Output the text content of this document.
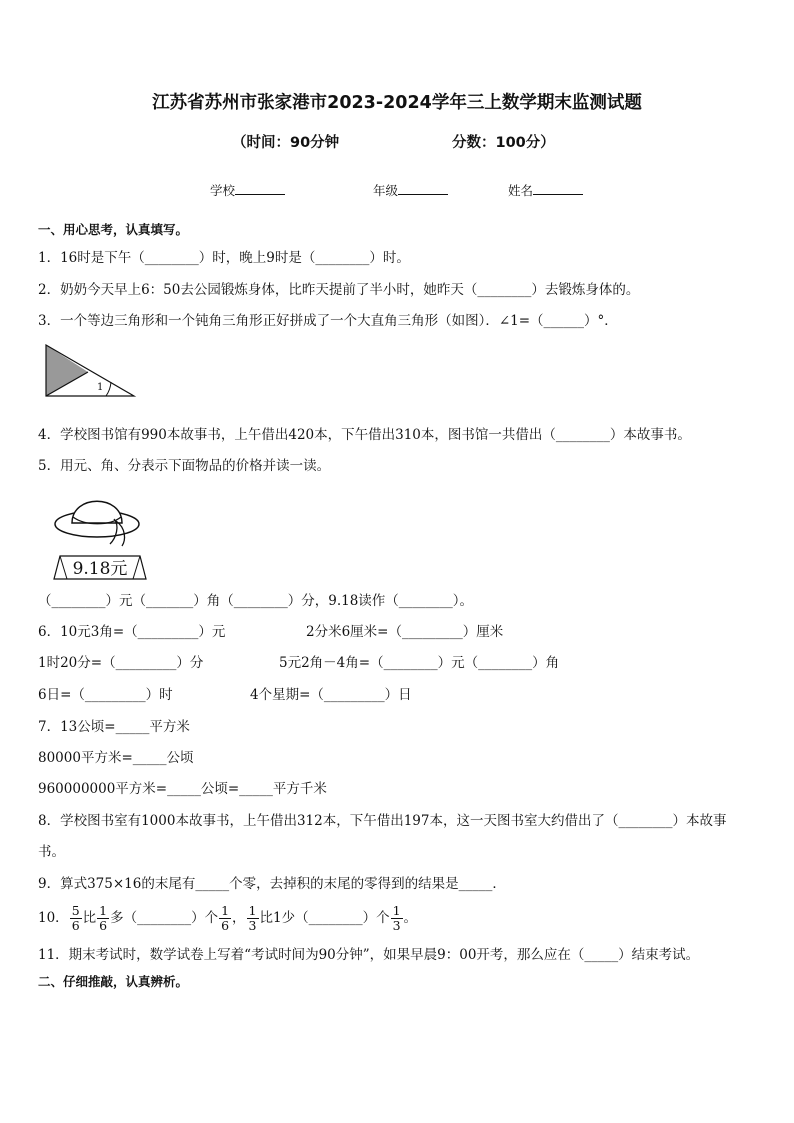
江苏省苏州市张家港市2023-2024学年三上数学期末监测试题
（时间：90分钟	分数：100分）
学校	年级	姓名
一、用心思考，认真填写。
1．16时是下午（________）时，晚上9时是（________）时。
2．奶奶今天早上6：50去公园锻炼身体，比昨天提前了半小时，她昨天（________）去锻炼身体的。
3．一个等边三角形和一个钝角三角形正好拼成了一个大直角三角形（如图）．∠1=（______）°．
1
4．学校图书馆有990本故事书，上午借出420本，下午借出310本，图书馆一共借出（________）本故事书。
5．用元、角、分表示下面物品的价格并读一读。
9.18元
（________）元（_______）角（________）分，9.18读作（________）。
6．10元3角=（_________）元	2分米6厘米=（_________）厘米
1时20分=（_________）分	5元2角－4角=（________）元（________）角
6日=（_________）时	4个星期=（_________）日
7．13公顷=_____平方米
80000平方米=_____公顷
960000000平方米=_____公顷=_____平方千米
8．学校图书室有1000本故事书，上午借出312本，下午借出197本，这一天图书室大约借出了（________）本故事
书。
9．算式375×16的末尾有_____个零，去掉积的末尾的零得到的结果是_____．
10． $\frac{5}{6}$ 比 $\frac{1}{6}$ 多（________）个 $\frac{1}{6}$ ， $\frac{1}{3}$ 比1少（________）个 $\frac{1}{3}$ 。
11．期末考试时，数学试卷上写着“考试时间为90分钟”，如果早晨9：00开考，那么应在（_____）结束考试。
二、仔细推敲，认真辨析。
